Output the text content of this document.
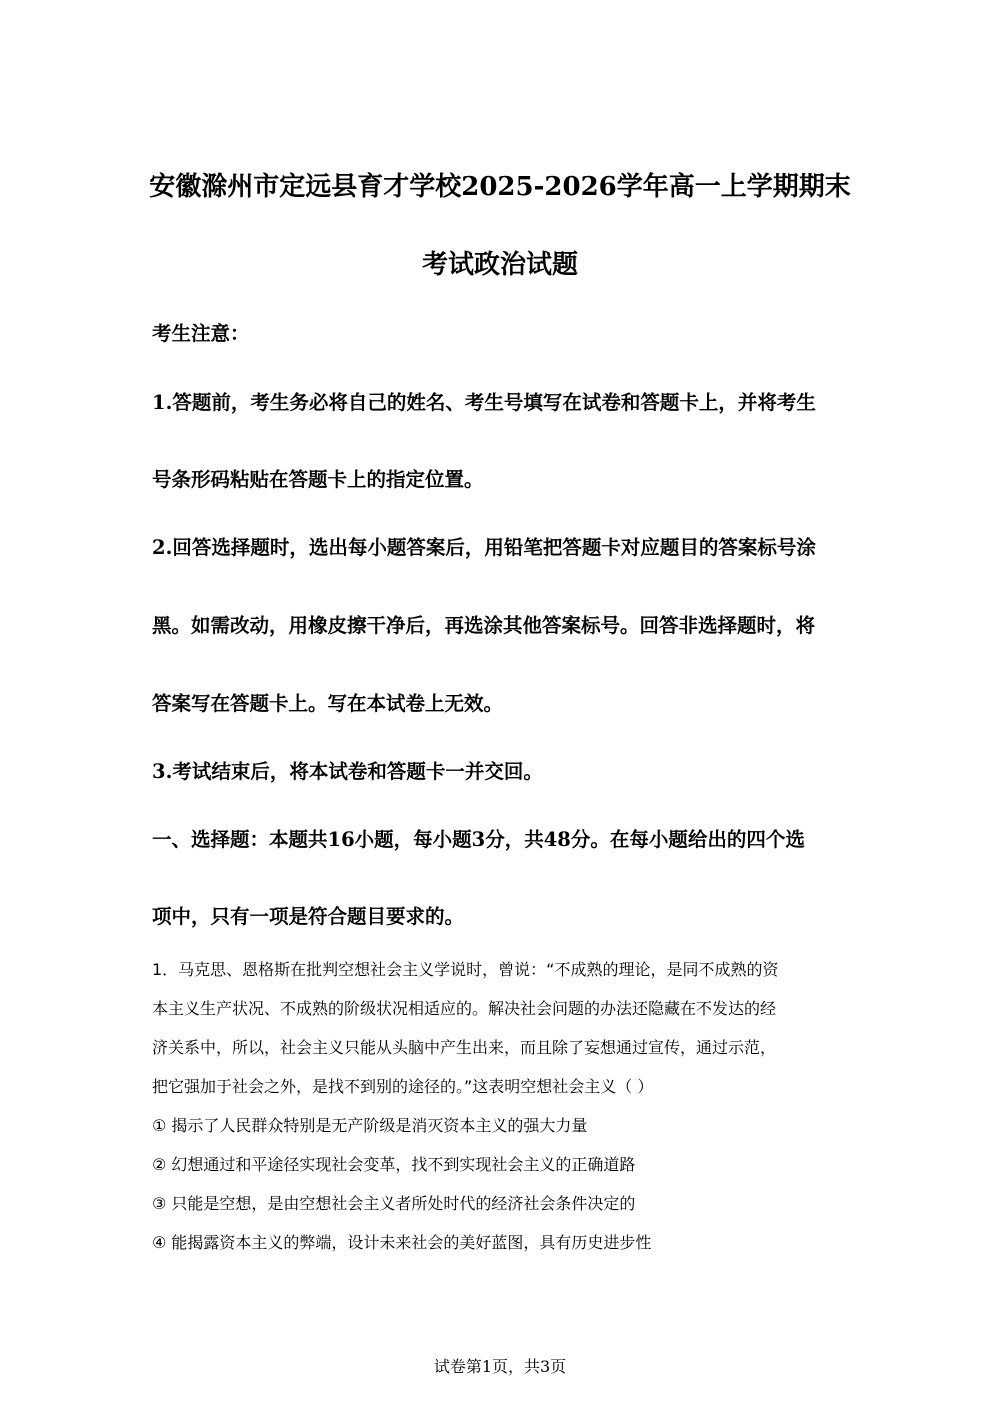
安徽滁州市定远县育才学校2025-2026学年高一上学期期末
考试政治试题
考生注意：
1.答题前，考生务必将自己的姓名、考生号填写在试卷和答题卡上，并将考生
号条形码粘贴在答题卡上的指定位置。
2.回答选择题时，选出每小题答案后，用铅笔把答题卡对应题目的答案标号涂
黑。如需改动，用橡皮擦干净后，再选涂其他答案标号。回答非选择题时，将
答案写在答题卡上。写在本试卷上无效。
3.考试结束后，将本试卷和答题卡一并交回。
一、选择题：本题共16小题，每小题3分，共48分。在每小题给出的四个选
项中，只有一项是符合题目要求的。
1．马克思、恩格斯在批判空想社会主义学说时，曾说：“不成熟的理论，是同不成熟的资
本主义生产状况、不成熟的阶级状况相适应的。解决社会问题的办法还隐藏在不发达的经
济关系中，所以，社会主义只能从头脑中产生出来，而且除了妄想通过宣传，通过示范，
把它强加于社会之外，是找不到别的途径的。”这表明空想社会主义（ ）
① 揭示了人民群众特别是无产阶级是消灭资本主义的强大力量
② 幻想通过和平途径实现社会变革，找不到实现社会主义的正确道路
③ 只能是空想，是由空想社会主义者所处时代的经济社会条件决定的
④ 能揭露资本主义的弊端，设计未来社会的美好蓝图，具有历史进步性
试卷第1页，共3页
